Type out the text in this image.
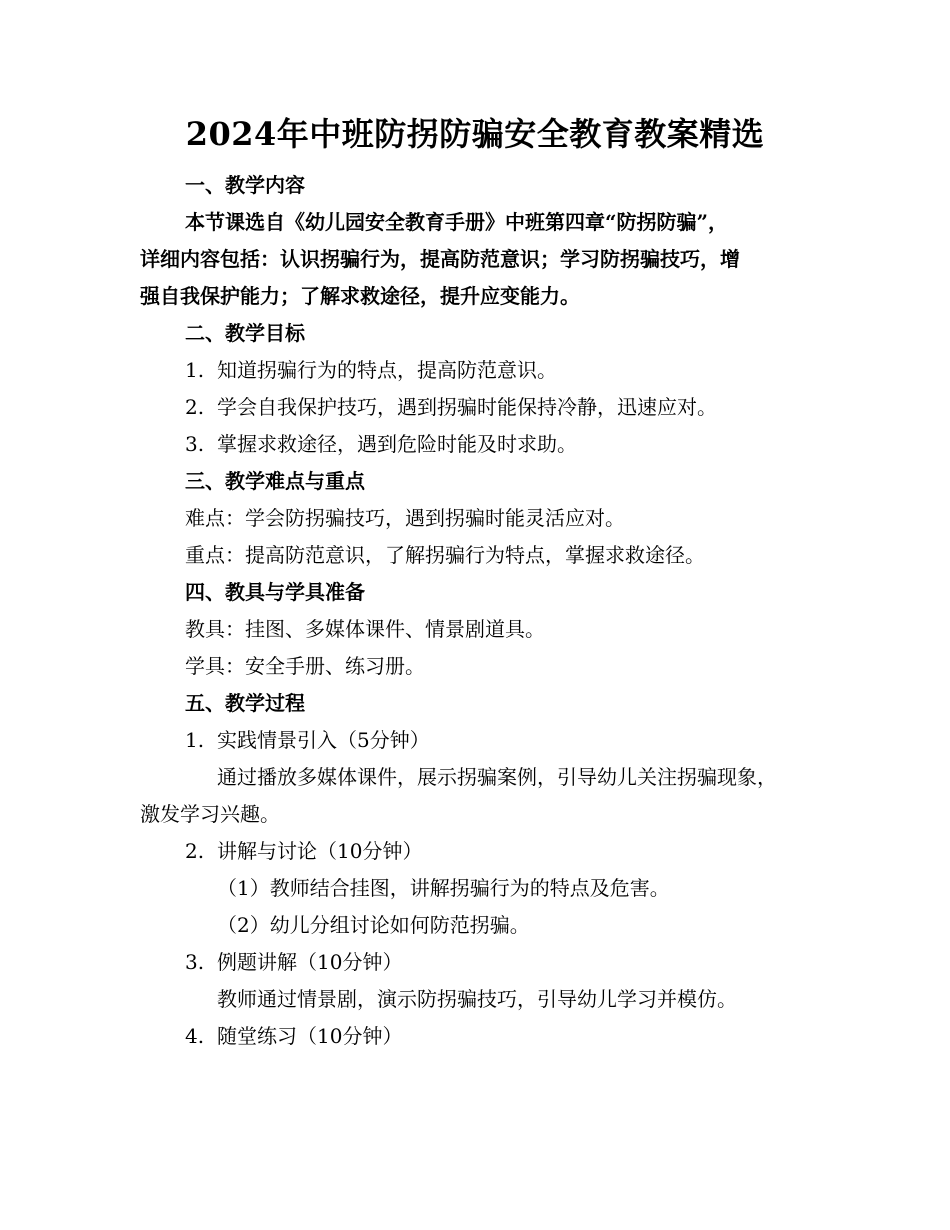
2024年中班防拐防骗安全教育教案精选
一、教学内容
本节课选自《幼儿园安全教育手册》中班第四章“防拐防骗”，
详细内容包括：认识拐骗行为，提高防范意识；学习防拐骗技巧，增
强自我保护能力；了解求救途径，提升应变能力。
二、教学目标
1. 知道拐骗行为的特点，提高防范意识。
2. 学会自我保护技巧，遇到拐骗时能保持冷静，迅速应对。
3. 掌握求救途径，遇到危险时能及时求助。
三、教学难点与重点
难点：学会防拐骗技巧，遇到拐骗时能灵活应对。
重点：提高防范意识，了解拐骗行为特点，掌握求救途径。
四、教具与学具准备
教具：挂图、多媒体课件、情景剧道具。
学具：安全手册、练习册。
五、教学过程
1. 实践情景引入（5分钟）
通过播放多媒体课件，展示拐骗案例，引导幼儿关注拐骗现象，
激发学习兴趣。
2. 讲解与讨论（10分钟）
（1）教师结合挂图，讲解拐骗行为的特点及危害。
（2）幼儿分组讨论如何防范拐骗。
3. 例题讲解（10分钟）
教师通过情景剧，演示防拐骗技巧，引导幼儿学习并模仿。
4. 随堂练习（10分钟）
